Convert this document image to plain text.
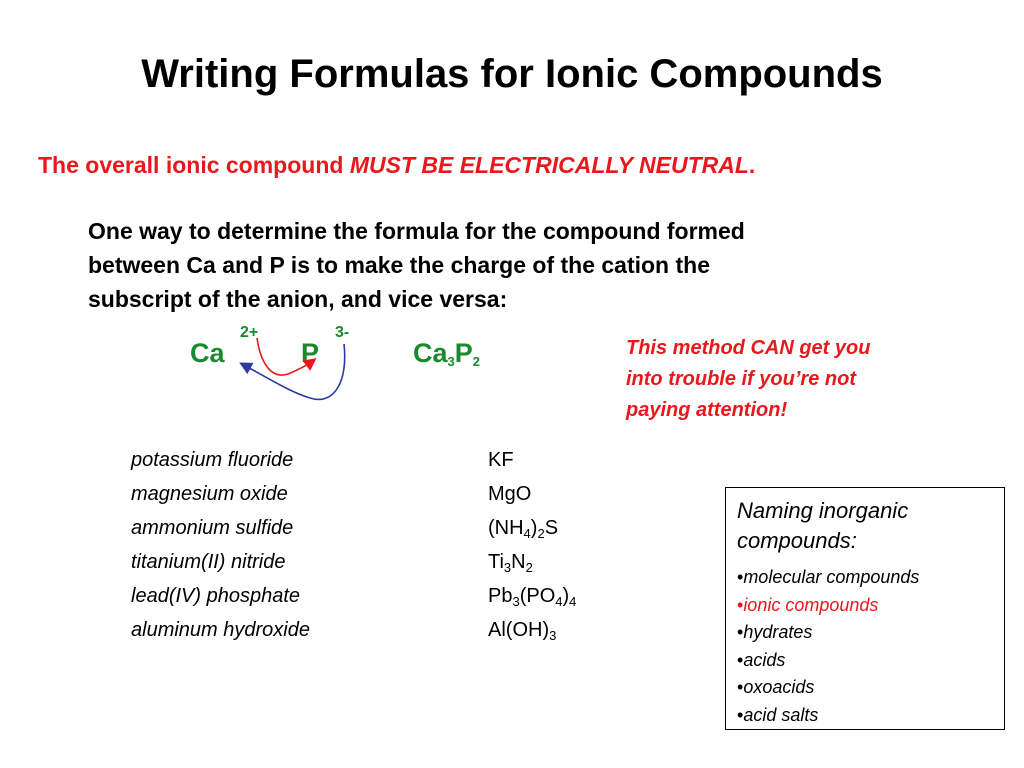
Writing Formulas for Ionic Compounds
The overall ionic compound MUST BE ELECTRICALLY NEUTRAL.
One way to determine the formula for the compound formed
between Ca and P is to make the charge of the cation the
subscript of the anion, and vice versa:
Ca
2+
P
3-
$Ca_3P_2$
This method CAN get you
into trouble if you’re not
paying attention!
potassium fluoride	KF
magnesium oxide	MgO
ammonium sulfide	$(NH_4)_2S$
titanium(II) nitride	$Ti_3N_2$
lead(IV) phosphate	$Pb_3(PO_4)_4$
aluminum hydroxide	$Al(OH)_3$
Naming inorganic
compounds:
•molecular compounds
•ionic compounds
•hydrates
•acids
•oxoacids
•acid salts
